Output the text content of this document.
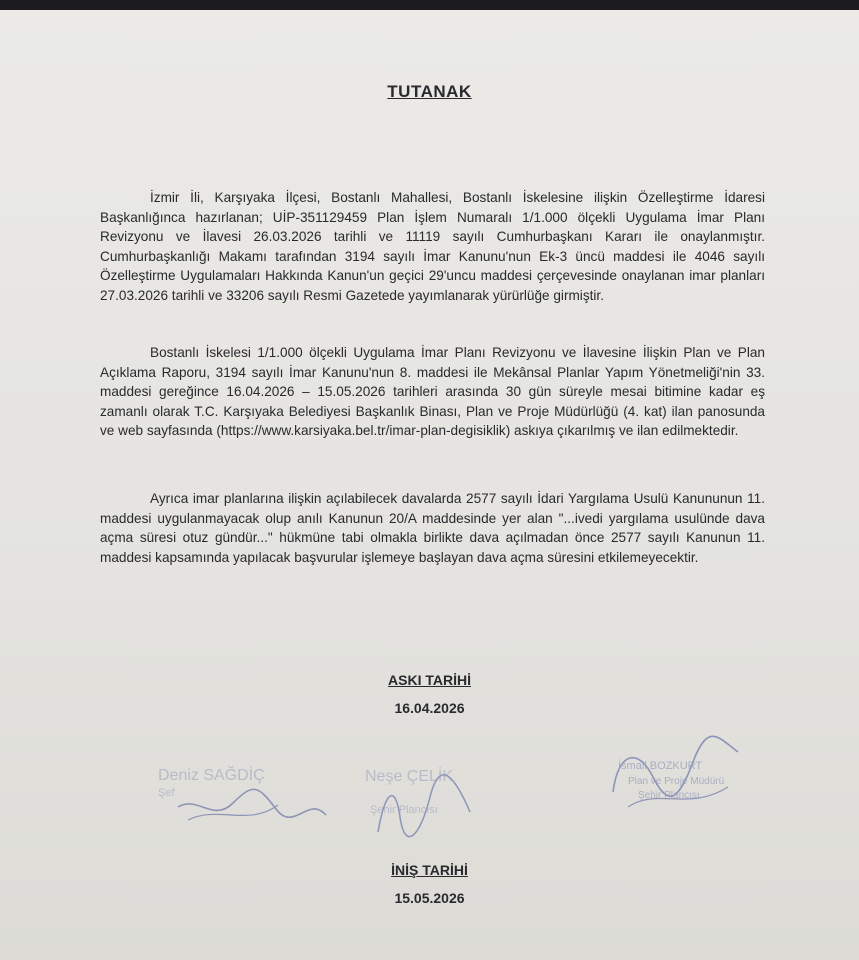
TUTANAK

İzmir İli, Karşıyaka İlçesi, Bostanlı Mahallesi, Bostanlı İskelesine ilişkin Özelleştirme İdaresi Başkanlığınca hazırlanan; UİP-351129459 Plan İşlem Numaralı 1/1.000 ölçekli Uygulama İmar Planı Revizyonu ve İlavesi 26.03.2026 tarihli ve 11119 sayılı Cumhurbaşkanı Kararı ile onaylanmıştır. Cumhurbaşkanlığı Makamı tarafından 3194 sayılı İmar Kanunu'nun Ek-3 üncü maddesi ile 4046 sayılı Özelleştirme Uygulamaları Hakkında Kanun'un geçici 29'uncu maddesi çerçevesinde onaylanan imar planları 27.03.2026 tarihli ve 33206 sayılı Resmi Gazetede yayımlanarak yürürlüğe girmiştir.

Bostanlı İskelesi 1/1.000 ölçekli Uygulama İmar Planı Revizyonu ve İlavesine İlişkin Plan ve Plan Açıklama Raporu, 3194 sayılı İmar Kanunu'nun 8. maddesi ile Mekânsal Planlar Yapım Yönetmeliği'nin 33. maddesi gereğince 16.04.2026 – 15.05.2026 tarihleri arasında 30 gün süreyle mesai bitimine kadar eş zamanlı olarak T.C. Karşıyaka Belediyesi Başkanlık Binası, Plan ve Proje Müdürlüğü (4. kat) ilan panosunda ve web sayfasında (https://www.karsiyaka.bel.tr/imar-plan-degisiklik) askıya çıkarılmış ve ilan edilmektedir.

Ayrıca imar planlarına ilişkin açılabilecek davalarda 2577 sayılı İdari Yargılama Usulü Kanununun 11. maddesi uygulanmayacak olup anılı Kanunun 20/A maddesinde yer alan "...ivedi yargılama usulünde dava açma süresi otuz gündür..." hükmüne tabi olmakla birlikte dava açılmadan önce 2577 sayılı Kanunun 11. maddesi kapsamında yapılacak başvurular işlemeye başlayan dava açma süresini etkilemeyecektir.

ASKI TARİHİ
16.04.2026
Deniz SAĞDİÇ
Şef
Neşe ÇELİK
Şehir Plancısı
İsmail BOZKURT
Plan ve Proje Müdürü
Şehir Plancısı
İNİŞ TARİHİ
15.05.2026
